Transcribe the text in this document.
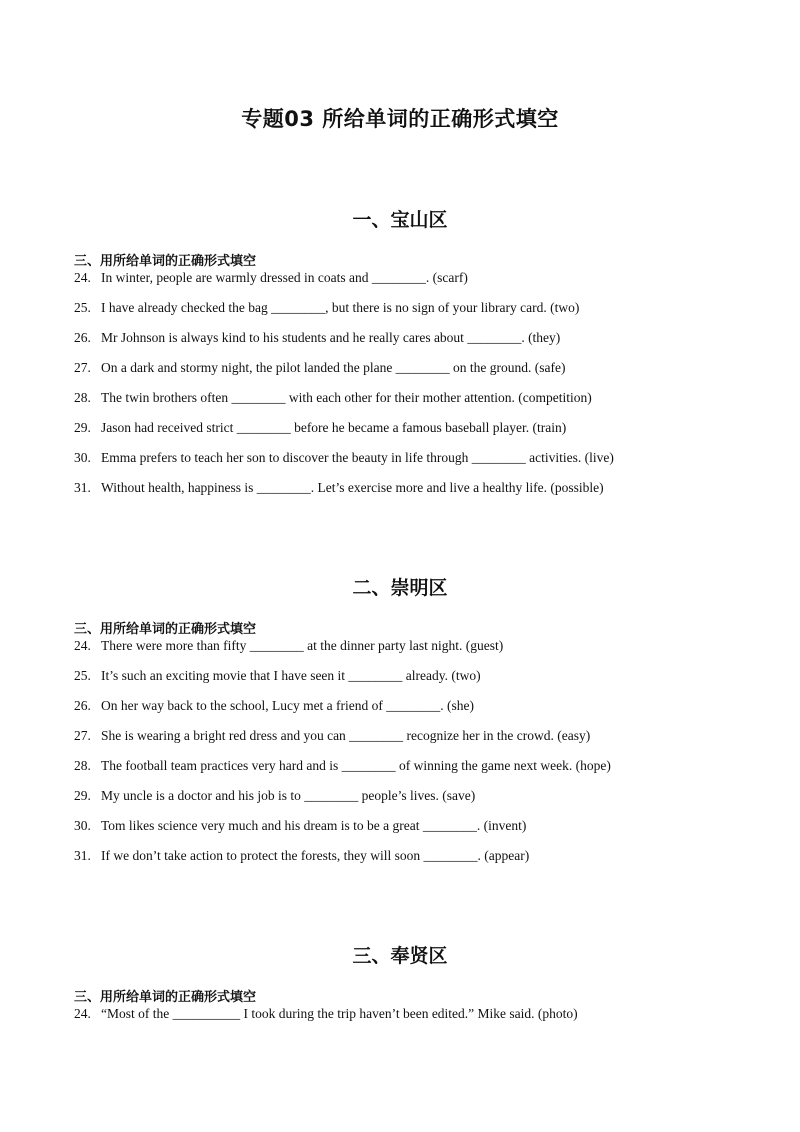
专题03 所给单词的正确形式填空
一、宝山区
三、用所给单词的正确形式填空
24. In winter, people are warmly dressed in coats and ________. (scarf)
25. I have already checked the bag ________, but there is no sign of your library card. (two)
26. Mr Johnson is always kind to his students and he really cares about ________. (they)
27. On a dark and stormy night, the pilot landed the plane ________ on the ground. (safe)
28. The twin brothers often ________ with each other for their mother attention. (competition)
29. Jason had received strict ________ before he became a famous baseball player. (train)
30. Emma prefers to teach her son to discover the beauty in life through ________ activities. (live)
31. Without health, happiness is ________. Let’s exercise more and live a healthy life. (possible)
二、崇明区
三、用所给单词的正确形式填空
24. There were more than fifty ________ at the dinner party last night. (guest)
25. It’s such an exciting movie that I have seen it ________ already. (two)
26. On her way back to the school, Lucy met a friend of ________. (she)
27. She is wearing a bright red dress and you can ________ recognize her in the crowd. (easy)
28. The football team practices very hard and is ________ of winning the game next week. (hope)
29. My uncle is a doctor and his job is to ________ people’s lives. (save)
30. Tom likes science very much and his dream is to be a great ________. (invent)
31. If we don’t take action to protect the forests, they will soon ________. (appear)
三、奉贤区
三、用所给单词的正确形式填空
24. “Most of the __________ I took during the trip haven’t been edited.” Mike said. (photo)
